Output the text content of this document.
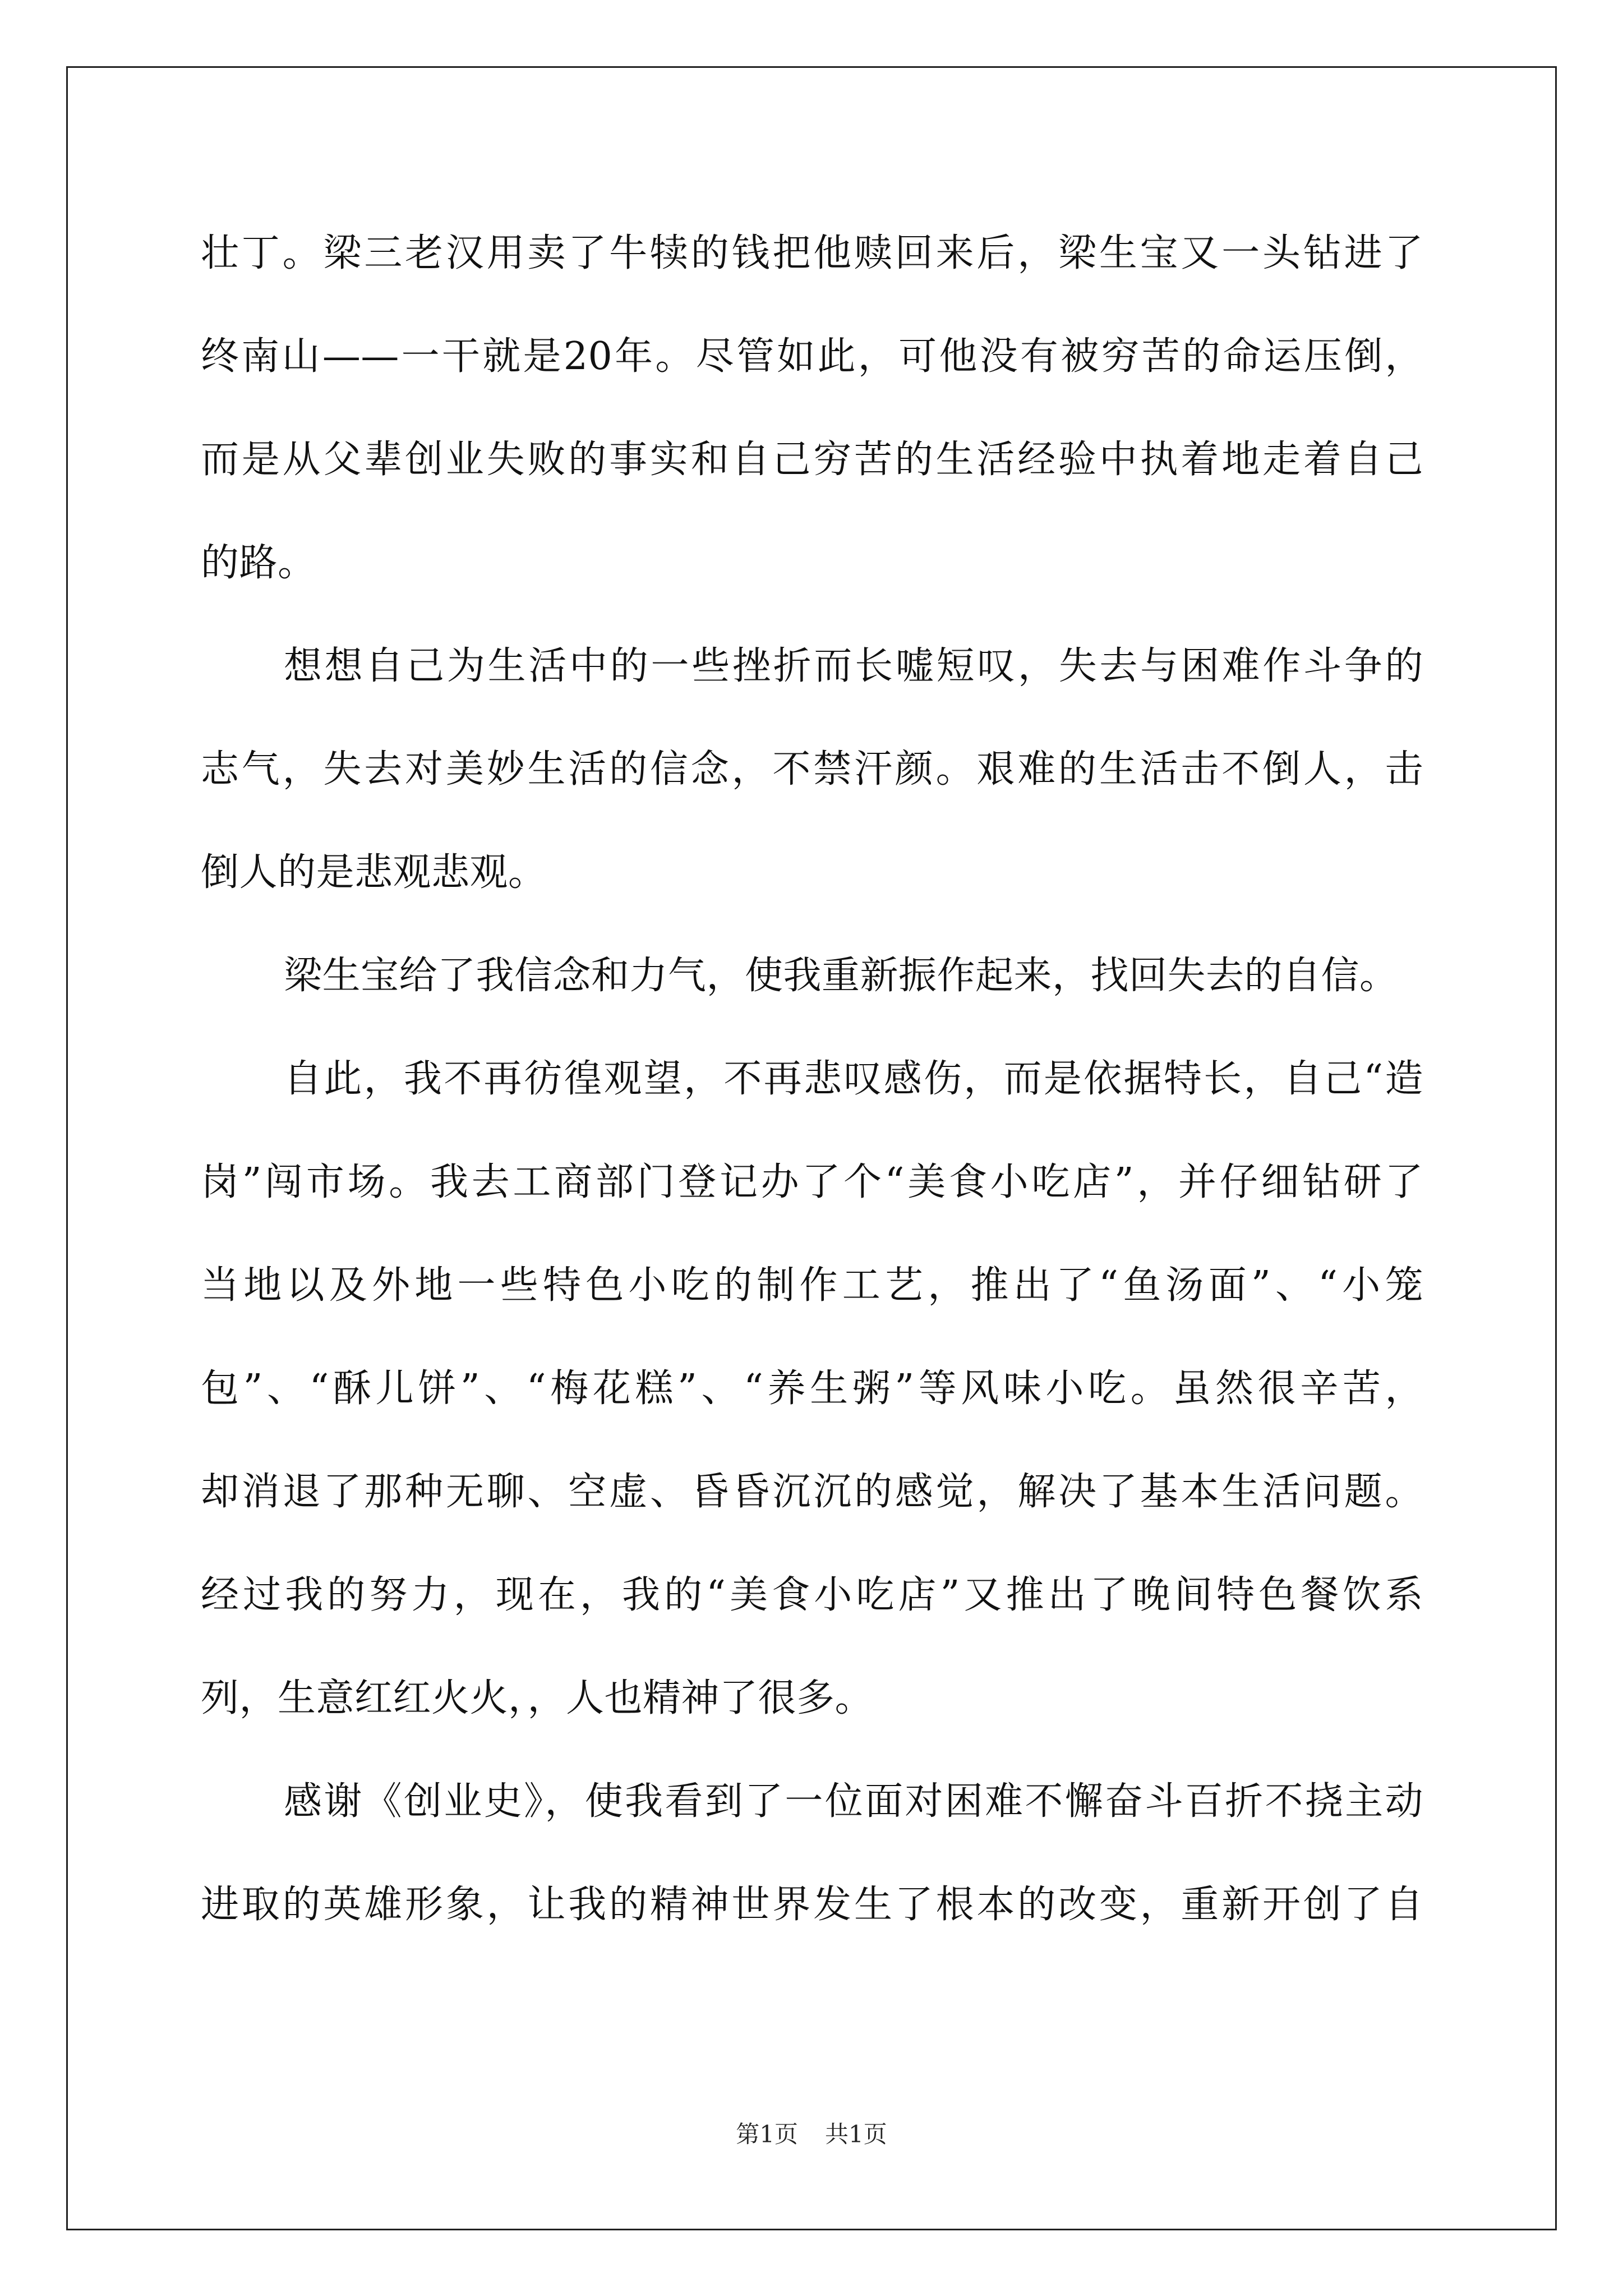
壮丁。梁三老汉用卖了牛犊的钱把他赎回来后，梁生宝又一头钻进了
终南山——一干就是20年。尽管如此，可他没有被穷苦的命运压倒，
而是从父辈创业失败的事实和自己穷苦的生活经验中执着地走着自己
的路。
想想自己为生活中的一些挫折而长嘘短叹，失去与困难作斗争的
志气，失去对美妙生活的信念，不禁汗颜。艰难的生活击不倒人，击
倒人的是悲观悲观。
梁生宝给了我信念和力气，使我重新振作起来，找回失去的自信。
自此，我不再彷徨观望，不再悲叹感伤，而是依据特长，自己“造
岗”闯市场。我去工商部门登记办了个“美食小吃店”，并仔细钻研了
当地以及外地一些特色小吃的制作工艺，推出了“鱼汤面”、“小笼
包”、“酥儿饼”、“梅花糕”、“养生粥”等风味小吃。虽然很辛苦，
却消退了那种无聊、空虚、昏昏沉沉的感觉，解决了基本生活问题。
经过我的努力，现在，我的“美食小吃店”又推出了晚间特色餐饮系
列，生意红红火火，，人也精神了很多。
感谢《创业史》，使我看到了一位面对困难不懈奋斗百折不挠主动
进取的英雄形象，让我的精神世界发生了根本的改变，重新开创了自
第1页 共1页
